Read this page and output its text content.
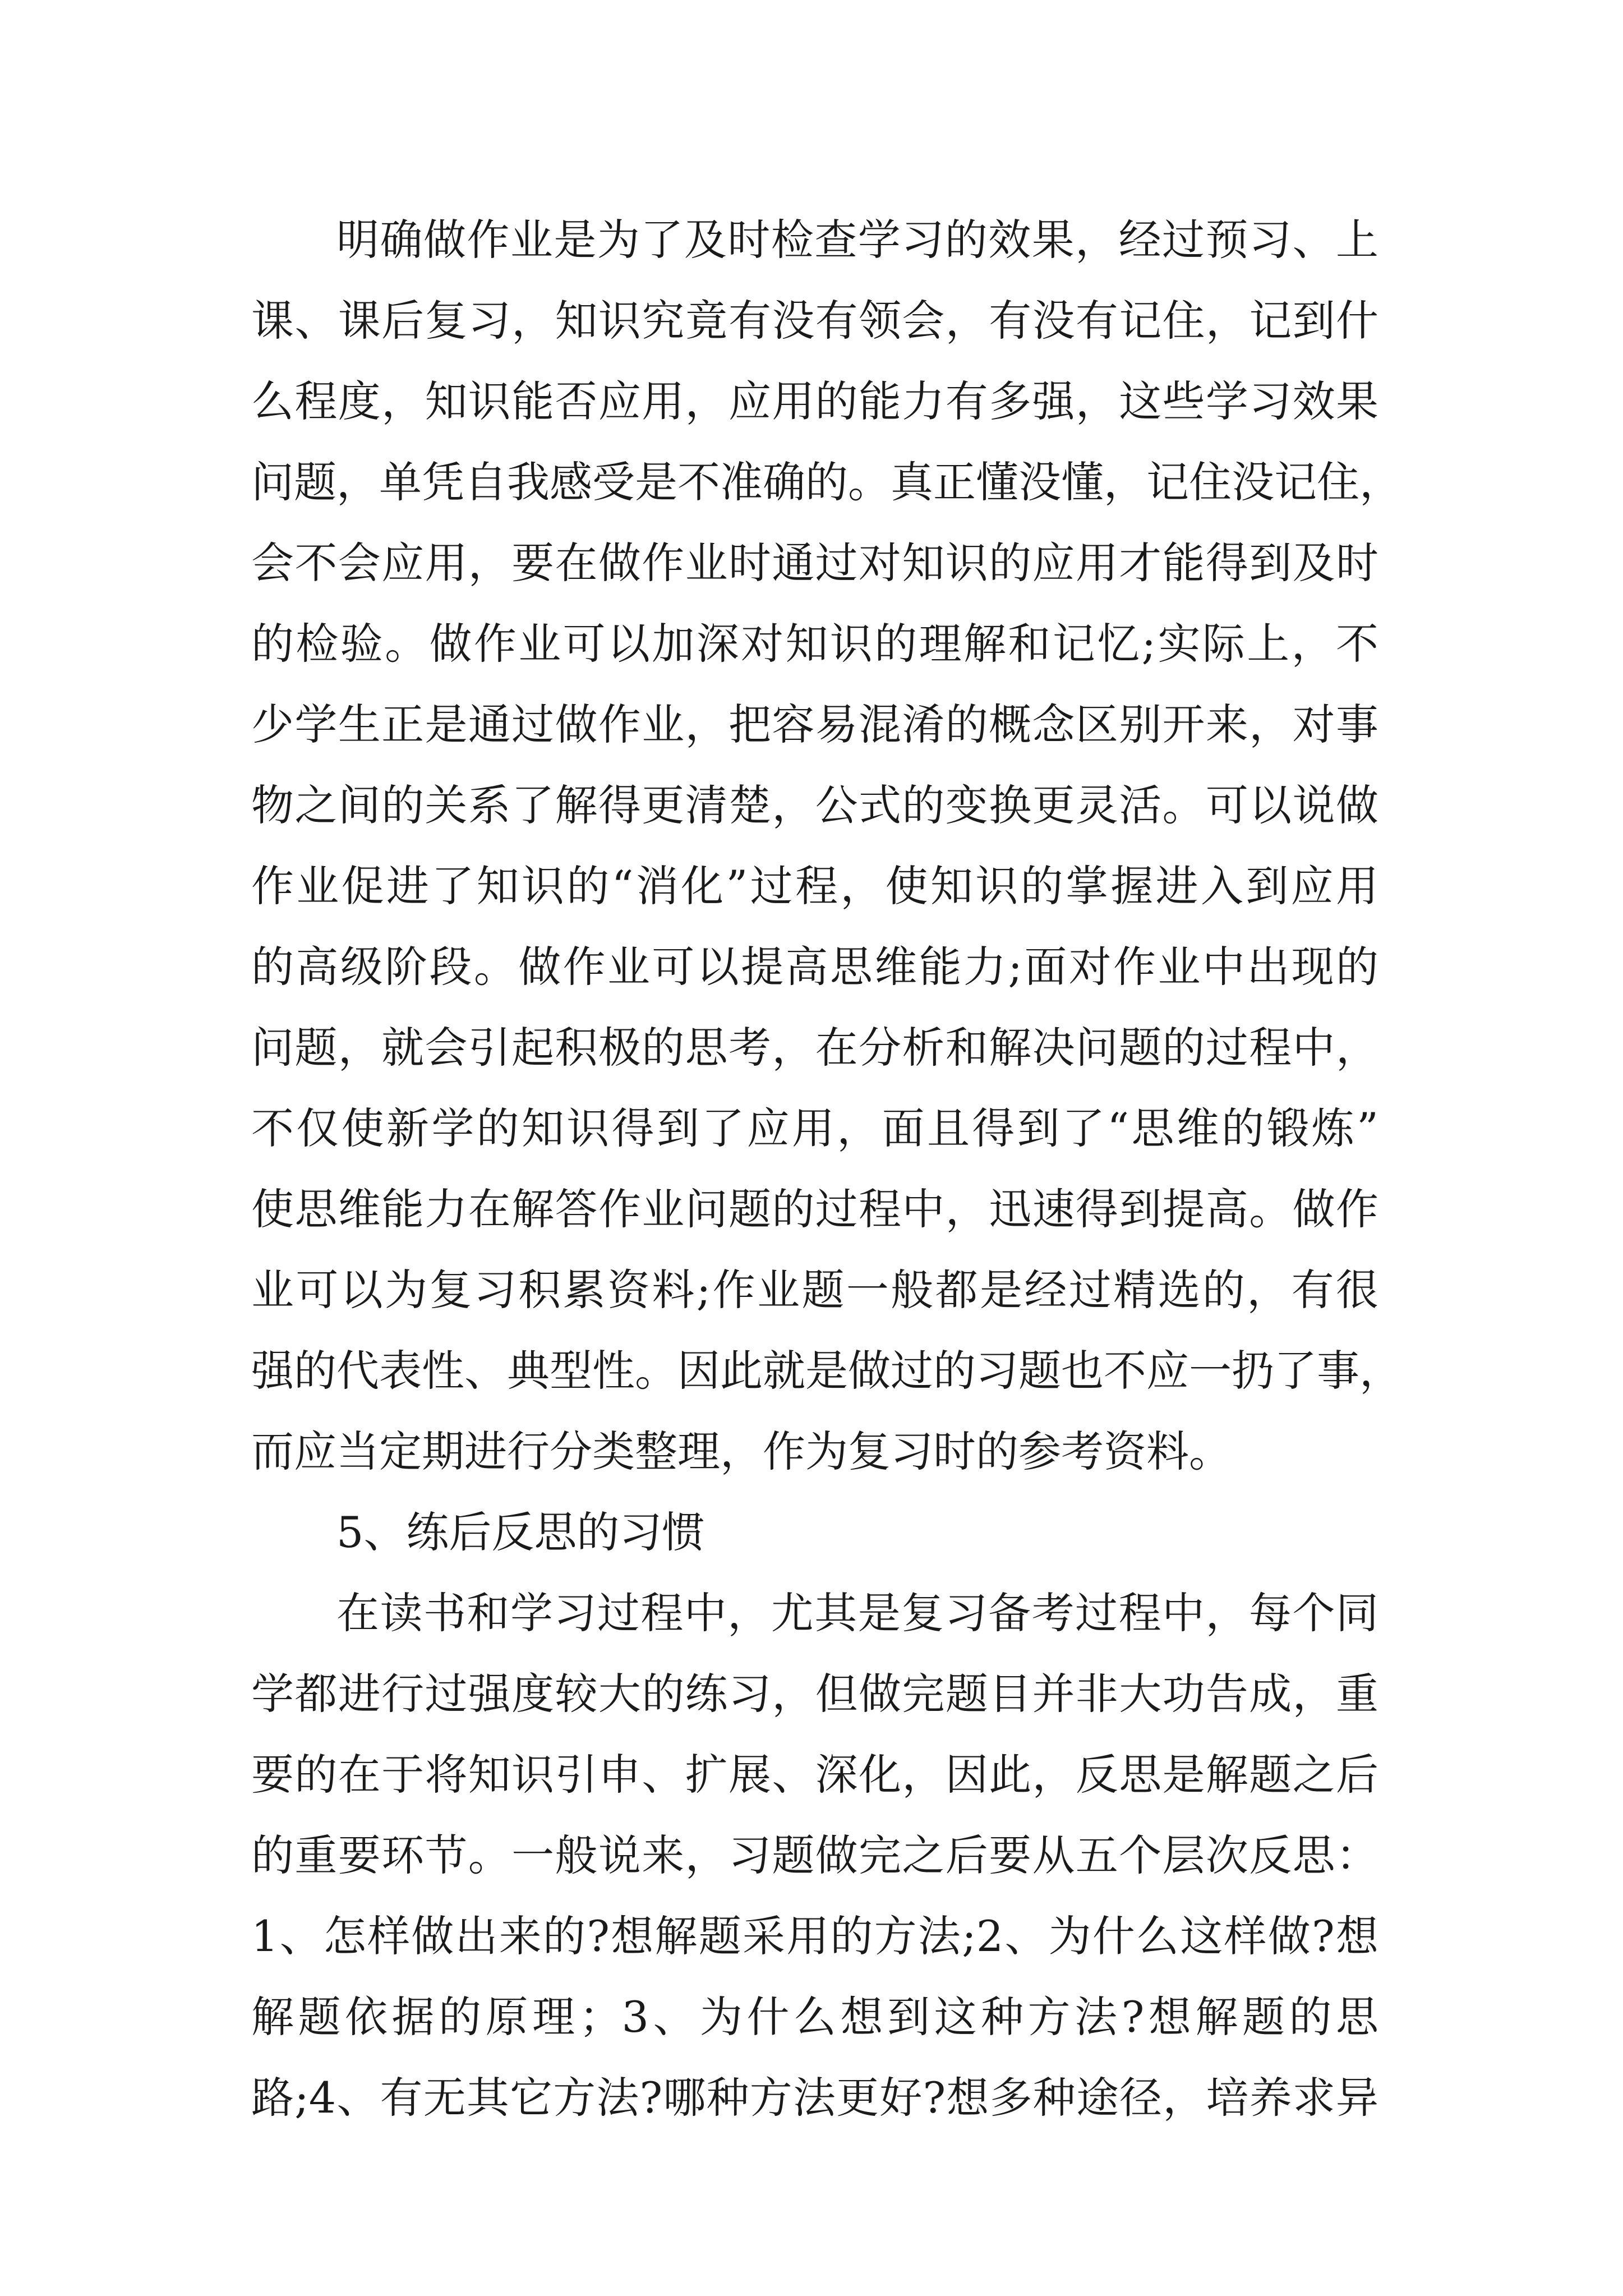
明确做作业是为了及时检查学习的效果，经过预习、上
课、课后复习，知识究竟有没有领会，有没有记住，记到什
么程度，知识能否应用，应用的能力有多强，这些学习效果
问题，单凭自我感受是不准确的。真正懂没懂，记住没记住，
会不会应用，要在做作业时通过对知识的应用才能得到及时
的检验。做作业可以加深对知识的理解和记忆;实际上，不
少学生正是通过做作业，把容易混淆的概念区别开来，对事
物之间的关系了解得更清楚，公式的变换更灵活。可以说做
作业促进了知识的“消化”过程，使知识的掌握进入到应用
的高级阶段。做作业可以提高思维能力;面对作业中出现的
问题，就会引起积极的思考，在分析和解决问题的过程中，
不仅使新学的知识得到了应用，面且得到了“思维的锻炼”
使思维能力在解答作业问题的过程中，迅速得到提高。做作
业可以为复习积累资料;作业题一般都是经过精选的，有很
强的代表性、典型性。因此就是做过的习题也不应一扔了事，
而应当定期进行分类整理，作为复习时的参考资料。
5、练后反思的习惯
在读书和学习过程中，尤其是复习备考过程中，每个同
学都进行过强度较大的练习，但做完题目并非大功告成，重
要的在于将知识引申、扩展、深化，因此，反思是解题之后
的重要环节。一般说来，习题做完之后要从五个层次反思：
1、怎样做出来的?想解题采用的方法;2、为什么这样做?想
解题依据的原理；3、为什么想到这种方法?想解题的思
路;4、有无其它方法?哪种方法更好?想多种途径，培养求异
